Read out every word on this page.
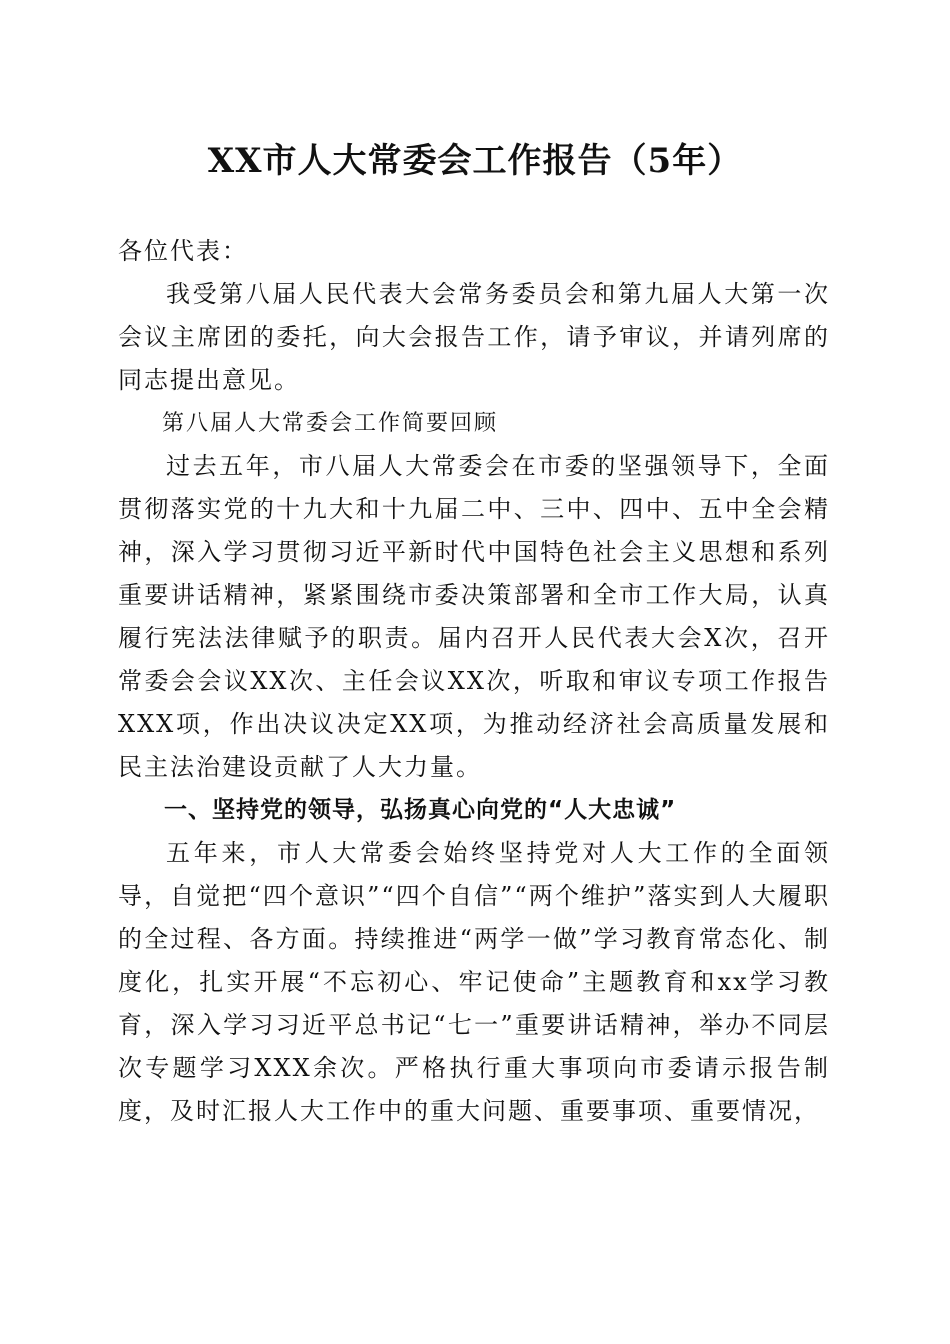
XX市人大常委会工作报告（5年）

各位代表：

我受第八届人民代表大会常务委员会和第九届人大第一次会议主席团的委托，向大会报告工作，请予审议，并请列席的同志提出意见。

第八届人大常委会工作简要回顾

过去五年，市八届人大常委会在市委的坚强领导下，全面贯彻落实党的十九大和十九届二中、三中、四中、五中全会精神，深入学习贯彻习近平新时代中国特色社会主义思想和系列重要讲话精神，紧紧围绕市委决策部署和全市工作大局，认真履行宪法法律赋予的职责。届内召开人民代表大会X次，召开常委会会议XX次、主任会议XX次，听取和审议专项工作报告XXX项，作出决议决定XX项，为推动经济社会高质量发展和民主法治建设贡献了人大力量。

一、坚持党的领导，弘扬真心向党的“人大忠诚”

五年来，市人大常委会始终坚持党对人大工作的全面领导，自觉把“四个意识”“四个自信”“两个维护”落实到人大履职的全过程、各方面。持续推进“两学一做”学习教育常态化、制度化，扎实开展“不忘初心、牢记使命”主题教育和xx学习教育，深入学习习近平总书记“七一”重要讲话精神，举办不同层次专题学习XXX余次。严格执行重大事项向市委请示报告制度，及时汇报人大工作中的重大问题、重要事项、重要情况，
